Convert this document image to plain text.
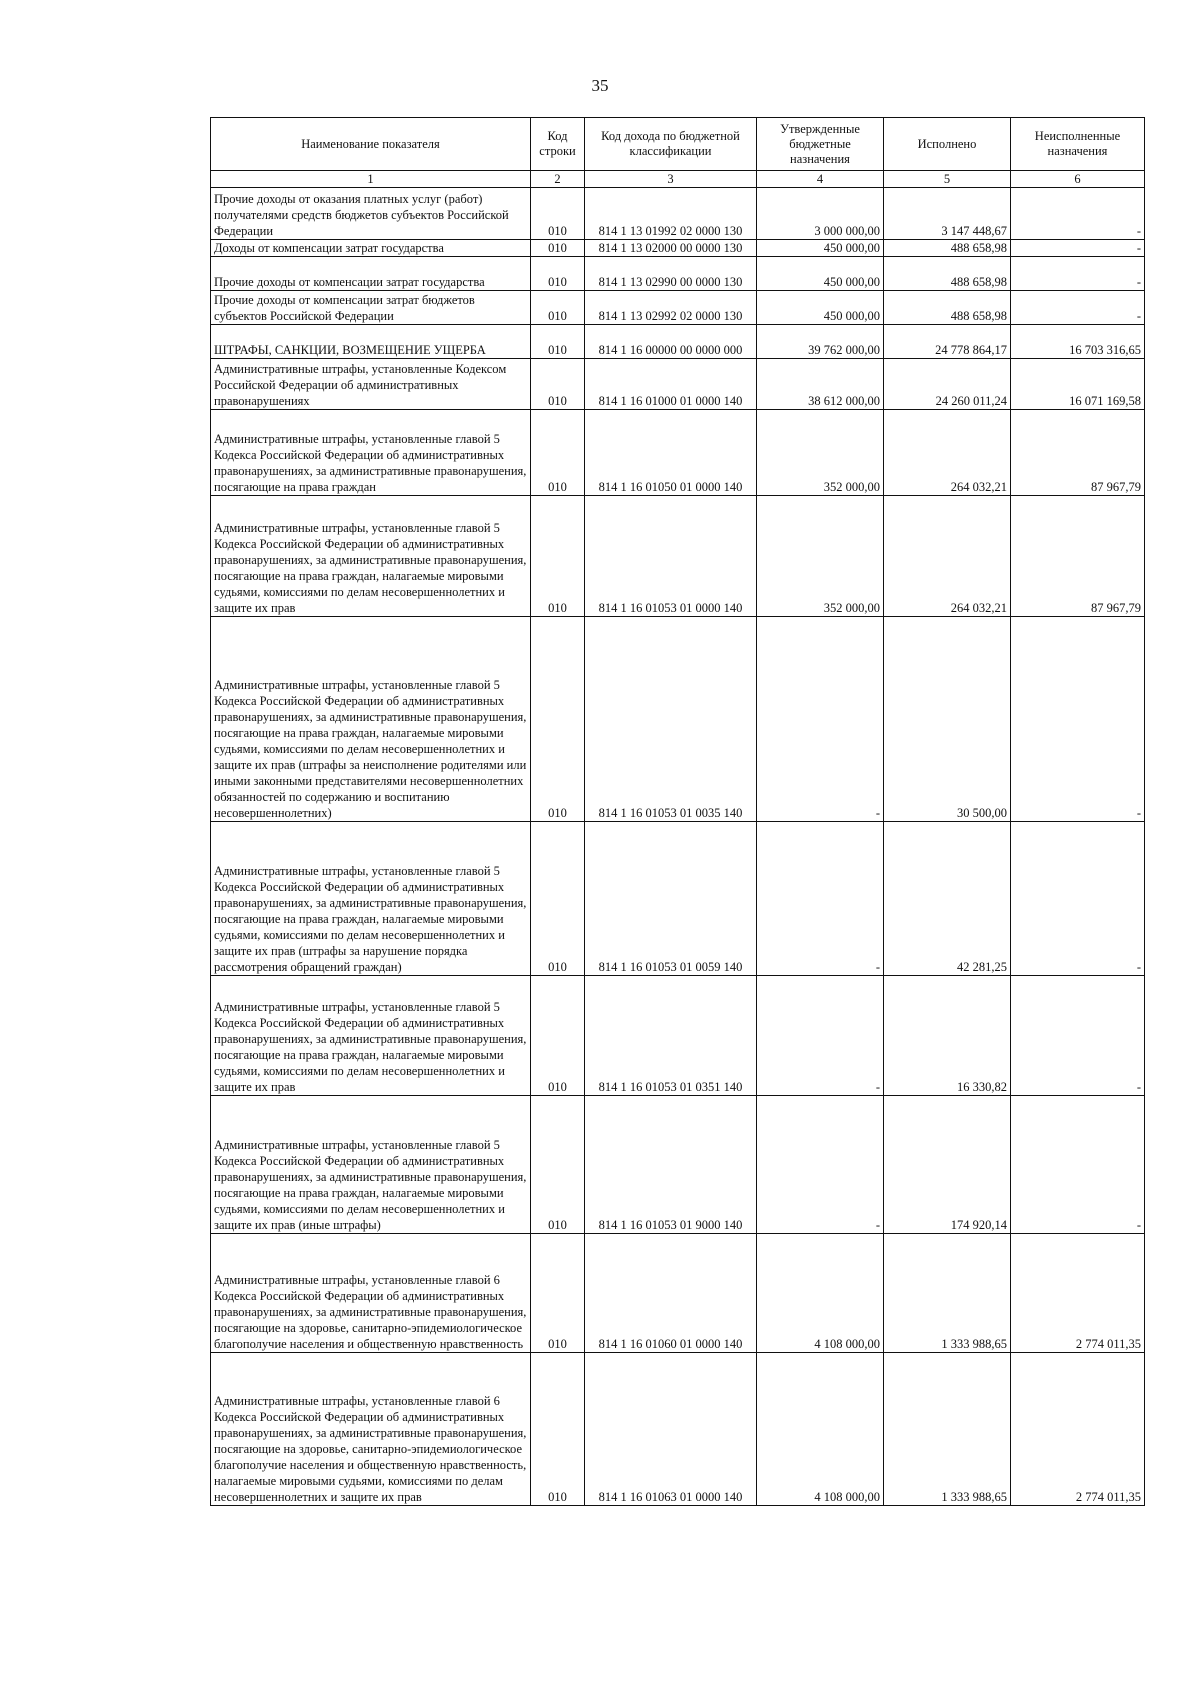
35
Наименование показателя	Код строки	Код дохода по бюджетной классификации	Утвержденные бюджетные назначения	Исполнено	Неисполненные назначения
1	2	3	4	5	6

Прочие доходы от оказания платных услуг (работ) получателями средств бюджетов субъектов Российской Федерации	010	814 1 13 01992 02 0000 130	3 000 000,00	3 147 448,67	-

Доходы от компенсации затрат государства	010	814 1 13 02000 00 0000 130	450 000,00	488 658,98	-

Прочие доходы от компенсации затрат государства	010	814 1 13 02990 00 0000 130	450 000,00	488 658,98	-

Прочие доходы от компенсации затрат бюджетов субъектов Российской Федерации	010	814 1 13 02992 02 0000 130	450 000,00	488 658,98	-

ШТРАФЫ, САНКЦИИ, ВОЗМЕЩЕНИЕ УЩЕРБА	010	814 1 16 00000 00 0000 000	39 762 000,00	24 778 864,17	16 703 316,65

Административные штрафы, установленные Кодексом Российской Федерации об административных правонарушениях	010	814 1 16 01000 01 0000 140	38 612 000,00	24 260 011,24	16 071 169,58

Административные штрафы, установленные главой 5 Кодекса Российской Федерации об административных правонарушениях, за административные правонарушения, посягающие на права граждан	010	814 1 16 01050 01 0000 140	352 000,00	264 032,21	87 967,79

Административные штрафы, установленные главой 5 Кодекса Российской Федерации об административных правонарушениях, за административные правонарушения, посягающие на права граждан, налагаемые мировыми судьями, комиссиями по делам несовершеннолетних и защите их прав	010	814 1 16 01053 01 0000 140	352 000,00	264 032,21	87 967,79

Административные штрафы, установленные главой 5 Кодекса Российской Федерации об административных правонарушениях, за административные правонарушения, посягающие на права граждан, налагаемые мировыми судьями, комиссиями по делам несовершеннолетних и защите их прав (штрафы за неисполнение родителями или иными законными представителями несовершеннолетних обязанностей по содержанию и воспитанию несовершеннолетних)	010	814 1 16 01053 01 0035 140	-	30 500,00	-

Административные штрафы, установленные главой 5 Кодекса Российской Федерации об административных правонарушениях, за административные правонарушения, посягающие на права граждан, налагаемые мировыми судьями, комиссиями по делам несовершеннолетних и защите их прав (штрафы за нарушение порядка рассмотрения обращений граждан)	010	814 1 16 01053 01 0059 140	-	42 281,25	-

Административные штрафы, установленные главой 5 Кодекса Российской Федерации об административных правонарушениях, за административные правонарушения, посягающие на права граждан, налагаемые мировыми судьями, комиссиями по делам несовершеннолетних и защите их прав	010	814 1 16 01053 01 0351 140	-	16 330,82	-

Административные штрафы, установленные главой 5 Кодекса Российской Федерации об административных правонарушениях, за административные правонарушения, посягающие на права граждан, налагаемые мировыми судьями, комиссиями по делам несовершеннолетних и защите их прав (иные штрафы)	010	814 1 16 01053 01 9000 140	-	174 920,14	-

Административные штрафы, установленные главой 6 Кодекса Российской Федерации об административных правонарушениях, за административные правонарушения, посягающие на здоровье, санитарно-эпидемиологическое благополучие населения и общественную нравственность	010	814 1 16 01060 01 0000 140	4 108 000,00	1 333 988,65	2 774 011,35

Административные штрафы, установленные главой 6 Кодекса Российской Федерации об административных правонарушениях, за административные правонарушения, посягающие на здоровье, санитарно-эпидемиологическое благополучие населения и общественную нравственность, налагаемые мировыми судьями, комиссиями по делам несовершеннолетних и защите их прав	010	814 1 16 01063 01 0000 140	4 108 000,00	1 333 988,65	2 774 011,35
